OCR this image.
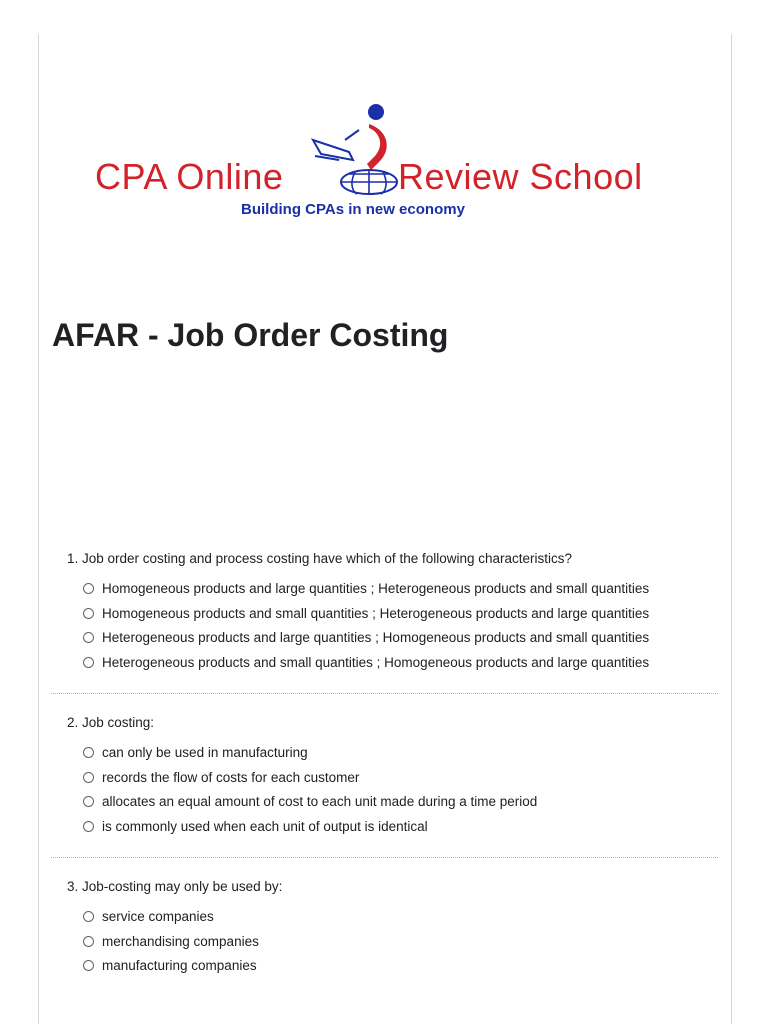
CPA Online	Review School
Building CPAs in new economy
AFAR - Job Order Costing

1. Job order costing and process costing have which of the following characteristics?

Homogeneous products and large quantities ; Heterogeneous products and small quantities
Homogeneous products and small quantities ; Heterogeneous products and large quantities
Heterogeneous products and large quantities ; Homogeneous products and small quantities
Heterogeneous products and small quantities ; Homogeneous products and large quantities

2. Job costing:

can only be used in manufacturing
records the flow of costs for each customer
allocates an equal amount of cost to each unit made during a time period
is commonly used when each unit of output is identical

3. Job-costing may only be used by:

service companies
merchandising companies
manufacturing companies
